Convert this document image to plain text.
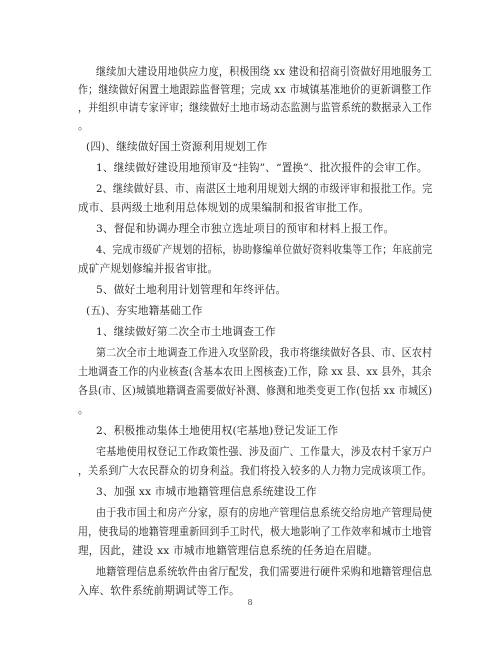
继续加大建设用地供应力度，积极围绕 xx 建设和招商引资做好用地服务工
作；继续做好闲置土地跟踪监督管理；完成 xx 市城镇基准地价的更新调整工作
，并组织申请专家评审；继续做好土地市场动态监测与监管系统的数据录入工作
。
(四)、继续做好国土资源利用规划工作
1、继续做好建设用地预审及“挂钩”、“置换”、批次报件的会审工作。
2、继续做好县、市、南湛区土地利用规划大纲的市级评审和报批工作。完
成市、县两级土地利用总体规划的成果编制和报省审批工作。
3、督促和协调办理全市独立选址项目的预审和材料上报工作。
4、完成市级矿产规划的招标，协助修编单位做好资料收集等工作；年底前完
成矿产规划修编并报省审批。
5、做好土地利用计划管理和年终评估。
(五)、夯实地籍基础工作
1、继续做好第二次全市土地调查工作
第二次全市土地调查工作进入攻坚阶段，我市将继续做好各县、市、区农村
土地调查工作的内业核查(含基本农田上图核查)工作，除 xx 县、xx 县外，其余
各县(市、区)城镇地籍调查需要做好补测、修测和地类变更工作(包括 xx 市城区)
。
2、积极推动集体土地使用权(宅基地)登记发证工作
宅基地使用权登记工作政策性强、涉及面广、工作量大，涉及农村千家万户
，关系到广大农民群众的切身利益。我们将投入较多的人力物力完成该项工作。
3、加强 xx 市城市地籍管理信息系统建设工作
由于我市国土和房产分家，原有的房地产管理信息系统交给房地产管理局使
用，使我局的地籍管理重新回到手工时代，极大地影响了工作效率和城市土地管
理，因此，建设 xx 市城市地籍管理信息系统的任务迫在眉睫。
地籍管理信息系统软件由省厅配发，我们需要进行硬件采购和地籍管理信息
入库、软件系统前期调试等工作。
8
